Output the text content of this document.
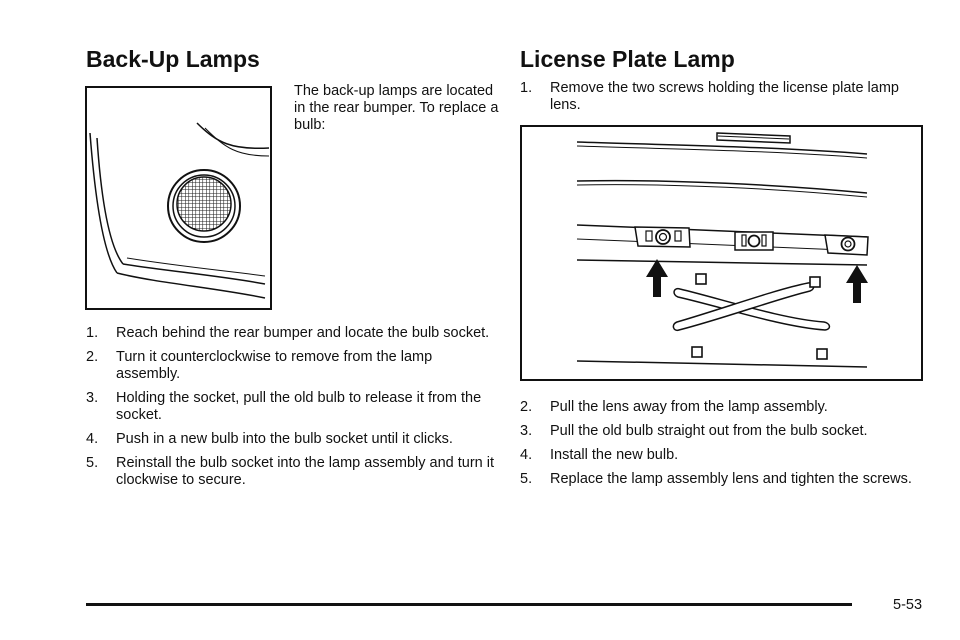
Back-Up Lamps

The back-up lamps are located in the rear bumper. To replace a bulb:

1.	Reach behind the rear bumper and locate the bulb socket.
2.	Turn it counterclockwise to remove from the lamp assembly.
3.	Holding the socket, pull the old bulb to release it from the socket.
4.	Push in a new bulb into the bulb socket until it clicks.
5.	Reinstall the bulb socket into the lamp assembly and turn it clockwise to secure.
License Plate Lamp
1.	Remove the two screws holding the license plate lamp lens.
2.	Pull the lens away from the lamp assembly.
3.	Pull the old bulb straight out from the bulb socket.
4.	Install the new bulb.
5.	Replace the lamp assembly lens and tighten the screws.
5-53
